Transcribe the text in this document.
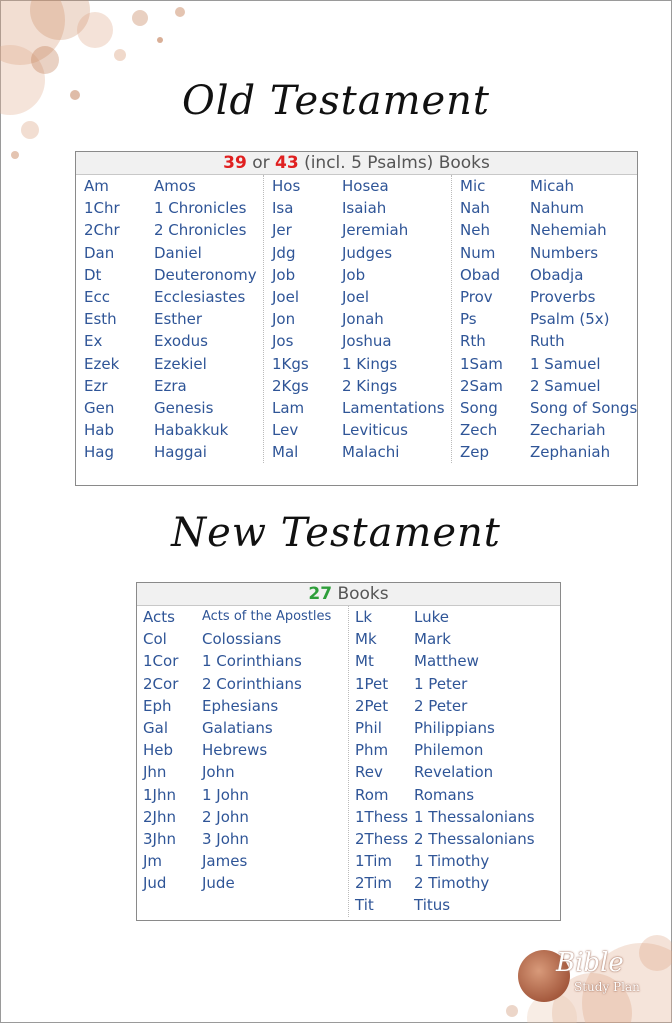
Old Testament
39 or 43 (incl. 5 Psalms) Books
Am	Amos
1Chr	1 Chronicles
2Chr	2 Chronicles
Dan	Daniel
Dt	Deuteronomy
Ecc	Ecclesiastes
Esth	Esther
Ex	Exodus
Ezek	Ezekiel
Ezr	Ezra
Gen	Genesis
Hab	Habakkuk
Hag	Haggai
Hos	Hosea
Isa	Isaiah
Jer	Jeremiah
Jdg	Judges
Job	Job
Joel	Joel
Jon	Jonah
Jos	Joshua
1Kgs	1 Kings
2Kgs	2 Kings
Lam	Lamentations
Lev	Leviticus
Mal	Malachi
Mic	Micah
Nah	Nahum
Neh	Nehemiah
Num	Numbers
Obad	Obadja
Prov	Proverbs
Ps	Psalm (5x)
Rth	Ruth
1Sam	1 Samuel
2Sam	2 Samuel
Song	Song of Songs
Zech	Zechariah
Zep	Zephaniah
New Testament
27 Books
Acts	Acts of the Apostles
Col	Colossians
1Cor	1 Corinthians
2Cor	2 Corinthians
Eph	Ephesians
Gal	Galatians
Heb	Hebrews
Jhn	John
1Jhn	1 John
2Jhn	2 John
3Jhn	3 John
Jm	James
Jud	Jude
Lk	Luke
Mk	Mark
Mt	Matthew
1Pet	1 Peter
2Pet	2 Peter
Phil	Philippians
Phm	Philemon
Rev	Revelation
Rom	Romans
1Thess 1 Thessalonians
2Thess 2 Thessalonians
1Tim	1 Timothy
2Tim	2 Timothy
Tit	Titus
Bible
Study Plan
